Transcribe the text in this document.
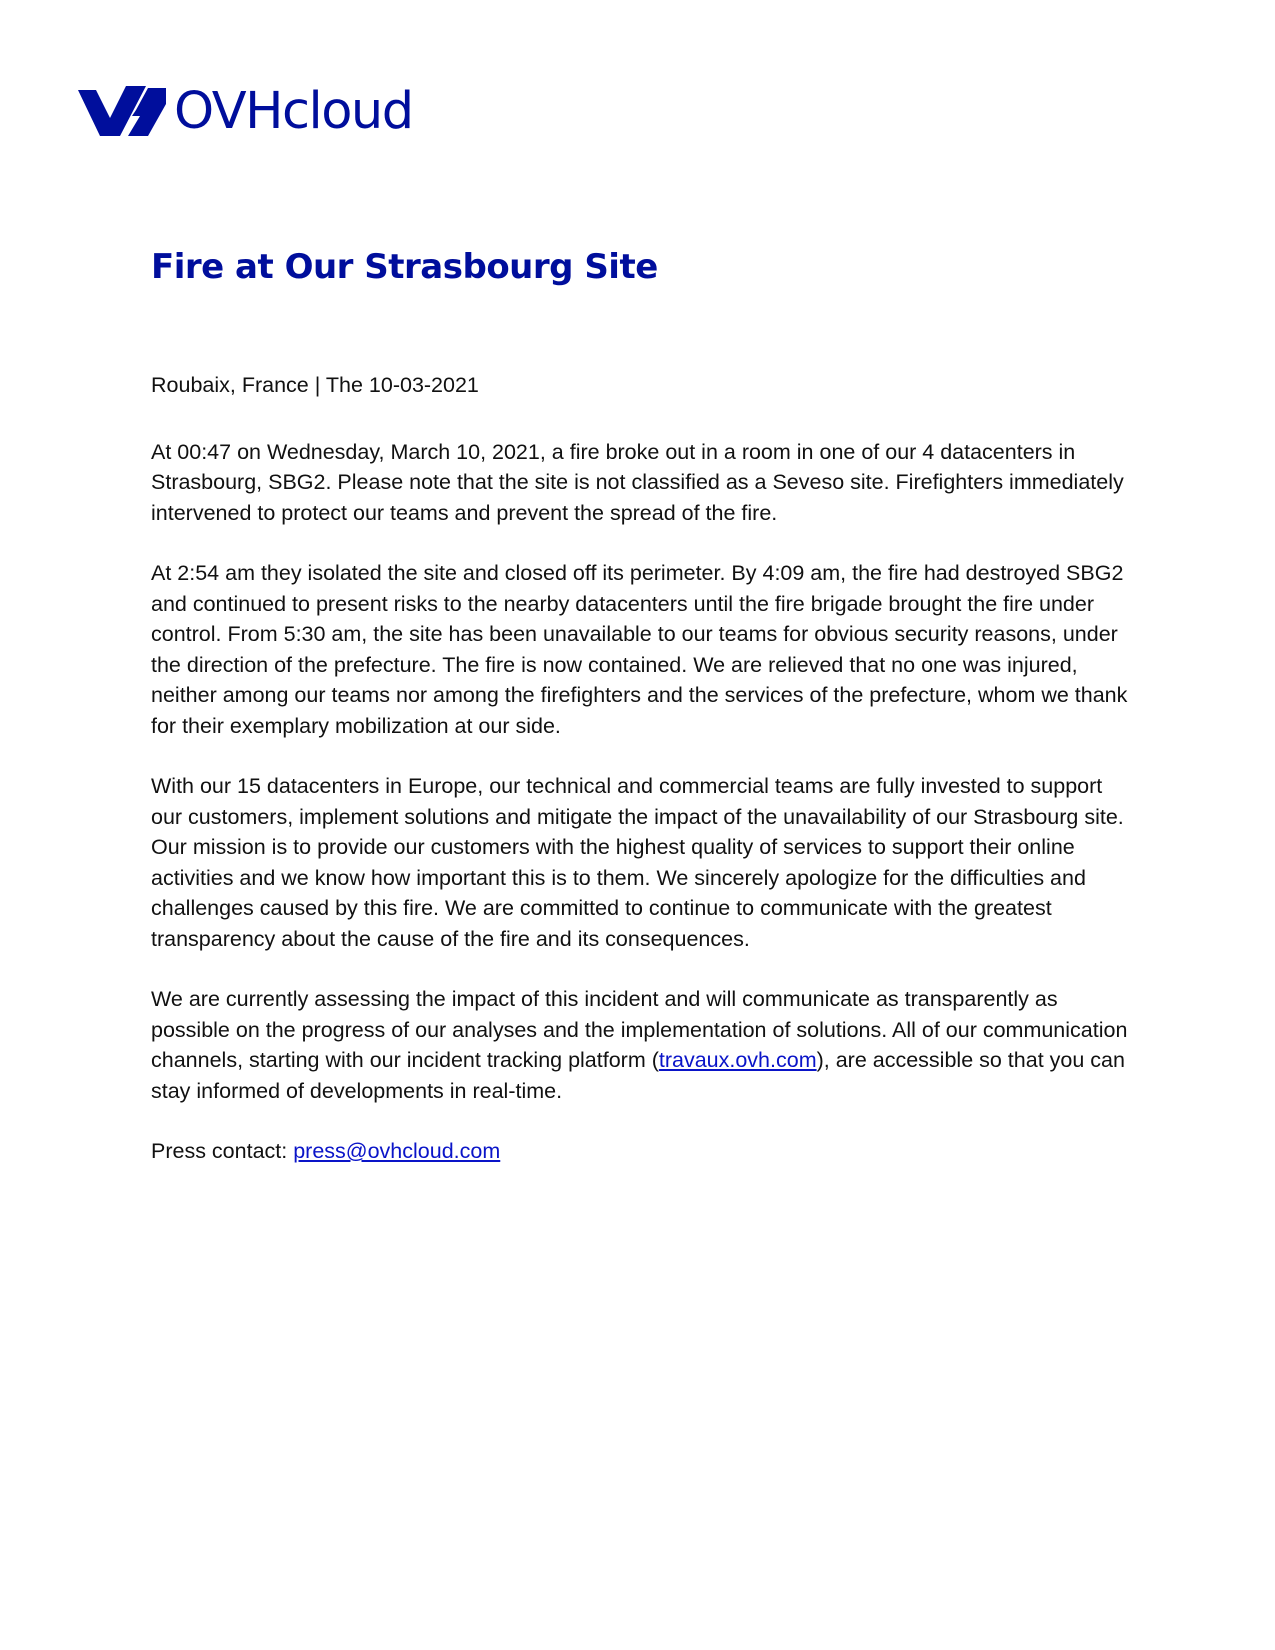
OVHcloud
Fire at Our Strasbourg Site

Roubaix, France | The 10-03-2021

At 00:47 on Wednesday, March 10, 2021, a fire broke out in a room in one of our 4 datacenters in Strasbourg, SBG2. Please note that the site is not classified as a Seveso site. Firefighters immediately intervened to protect our teams and prevent the spread of the fire.

At 2:54 am they isolated the site and closed off its perimeter. By 4:09 am, the fire had destroyed SBG2 and continued to present risks to the nearby datacenters until the fire brigade brought the fire under control. From 5:30 am, the site has been unavailable to our teams for obvious security reasons, under the direction of the prefecture. The fire is now contained. We are relieved that no one was injured, neither among our teams nor among the firefighters and the services of the prefecture, whom we thank for their exemplary mobilization at our side.

With our 15 datacenters in Europe, our technical and commercial teams are fully invested to support our customers, implement solutions and mitigate the impact of the unavailability of our Strasbourg site. Our mission is to provide our customers with the highest quality of services to support their online activities and we know how important this is to them. We sincerely apologize for the difficulties and challenges caused by this fire. We are committed to continue to communicate with the greatest transparency about the cause of the fire and its consequences.

We are currently assessing the impact of this incident and will communicate as transparently as possible on the progress of our analyses and the implementation of solutions. All of our communication channels, starting with our incident tracking platform (travaux.ovh.com), are accessible so that you can stay informed of developments in real-time.

Press contact: press@ovhcloud.com
